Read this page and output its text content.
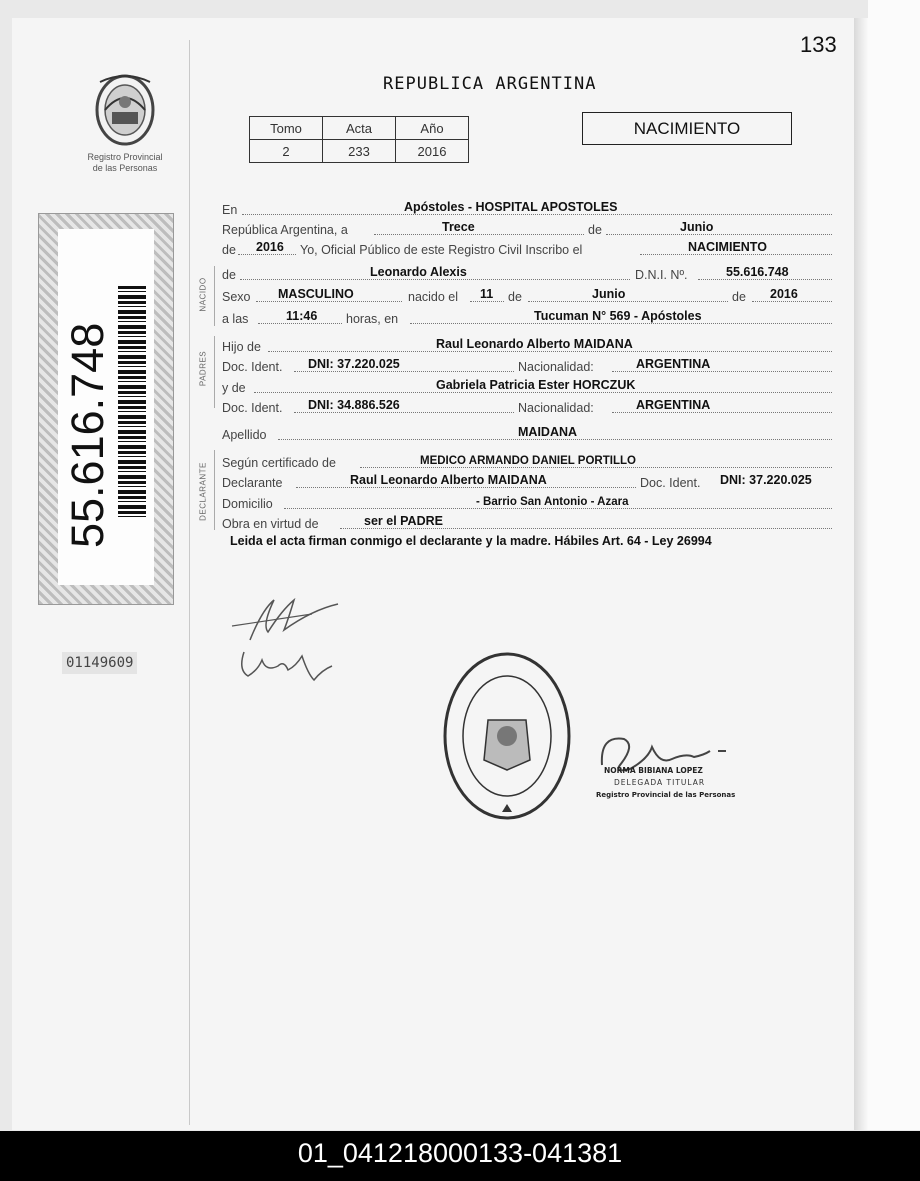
133
REPUBLICA ARGENTINA
Registro Provincial
de las Personas
Tomo	Acta	Año
2	233	2016
NACIMIENTO
55.616.748
01149609
NACIDO
PADRES
DECLARANTE
En	Apóstoles - HOSPITAL APOSTOLES
República Argentina, a	Trece	de	Junio
de 2016 Yo, Oficial Público de este Registro Civil Inscribo el	NACIMIENTO
de	Leonardo Alexis	D.N.I. Nº.	55.616.748
Sexo MASCULINO	nacido el 11 de	Junio	de 2016
a las	11:46 horas, en	Tucuman N° 569 - Apóstoles
Hijo de	Raul Leonardo Alberto MAIDANA
Doc. Ident. DNI: 37.220.025	Nacionalidad:	ARGENTINA
y de	Gabriela Patricia Ester HORCZUK
Doc. Ident. DNI: 34.886.526	Nacionalidad:	ARGENTINA
Apellido	MAIDANA
Según certificado de	MEDICO ARMANDO DANIEL PORTILLO
Declarante	Raul Leonardo Alberto MAIDANA	Doc. Ident. DNI: 37.220.025
Domicilio	- Barrio San Antonio - Azara
Obra en virtud de	ser el PADRE
Leida el acta firman conmigo el declarante y la madre. Hábiles Art. 64 - Ley 26994
NORMA BIBIANA LOPEZ
DELEGADA TITULAR
Registro Provincial de las Personas
01_041218000133-041381
